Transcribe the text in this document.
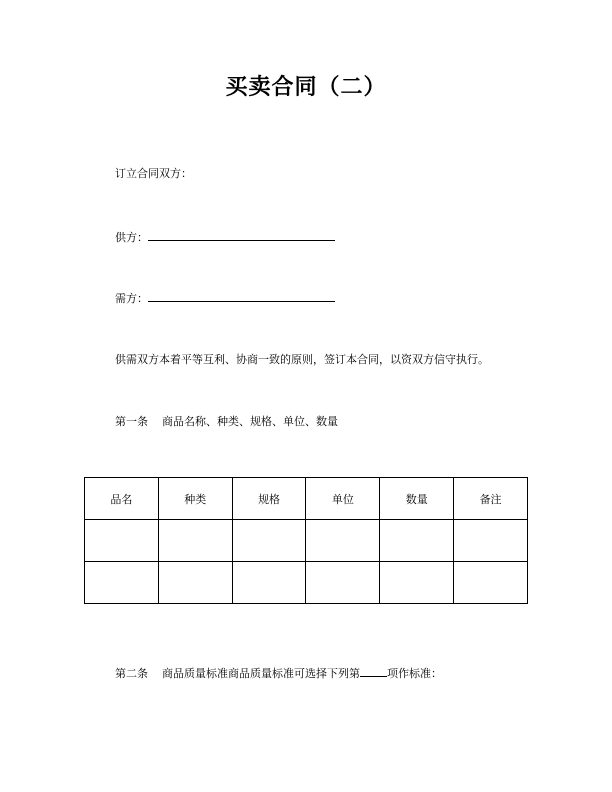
买卖合同（二）
订立合同双方：
供方：
需方：
供需双方本着平等互利、协商一致的原则，签订本合同，以资双方信守执行。
第一条 商品名称、种类、规格、单位、数量
品名	种类	规格	单位	数量	备注

第二条 商品质量标准商品质量标准可选择下列第 项作标准：
